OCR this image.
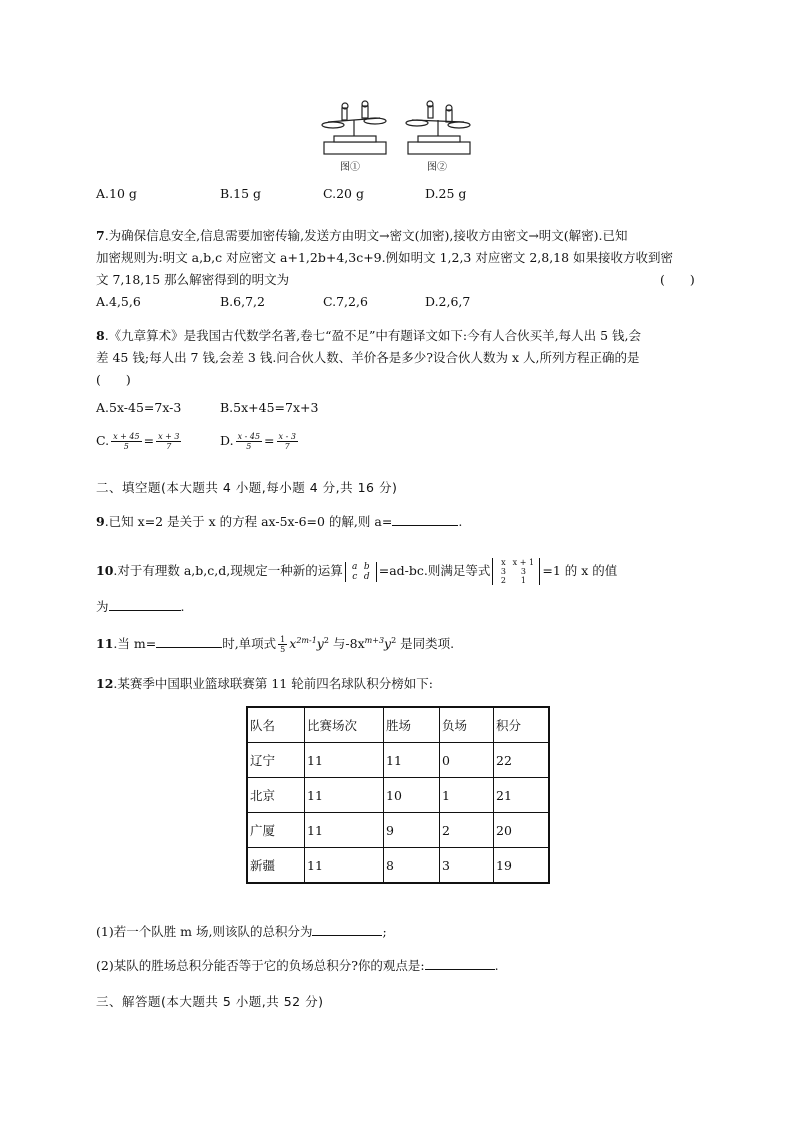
图①	图②
A.10 g	B.15 g	C.20 g	D.25 g
7.为确保信息安全,信息需要加密传输,发送方由明文→密文(加密),接收方由密文→明文(解密).已知
加密规则为:明文 a,b,c 对应密文 a+1,2b+4,3c+9.例如明文 1,2,3 对应密文 2,8,18 如果接收方收到密
文 7,18,15 那么解密得到的明文为	(　　)
A.4,5,6	B.6,7,2	C.7,2,6	D.2,6,7
8.《九章算术》是我国古代数学名著,卷七“盈不足”中有题译文如下:今有人合伙买羊,每人出 5 钱,会
差 45 钱;每人出 7 钱,会差 3 钱.问合伙人数、羊价各是多少?设合伙人数为 x 人,所列方程正确的是
(　　)
A.5x-45=7x-3	B.5x+45=7x+3
C. $\frac{x + 45}{5} = \frac{x + 3}{7}$	D. $\frac{x - 45}{5} = \frac{x - 3}{7}$
二、填空题(本大题共 4 小题,每小题 4 分,共 16 分)
9.已知 x=2 是关于 x 的方程 ax-5x-6=0 的解,则 a=	.
10.对于有理数 a,b,c,d,现规定一种新的运算 a b
c d =ad-bc.则满足等式x x + 1
3 3
2 1=1 的 x 的值
为	.
11.当 m=	时,单项式 $\frac{1}{5} x^{2m-1}y^2$ 与$-8x^{m+3}y^2$ 是同类项.
12.某赛季中国职业篮球联赛第 11 轮前四名球队积分榜如下:
队名	比赛场次	胜场	负场	积分
辽宁	11	11	0	22
北京	11	10	1	21
广厦	11	9	2	20
新疆	11	8	3	19
(1)若一个队胜 m 场,则该队的总积分为	;
(2)某队的胜场总积分能否等于它的负场总积分?你的观点是:	.
三、解答题(本大题共 5 小题,共 52 分)
